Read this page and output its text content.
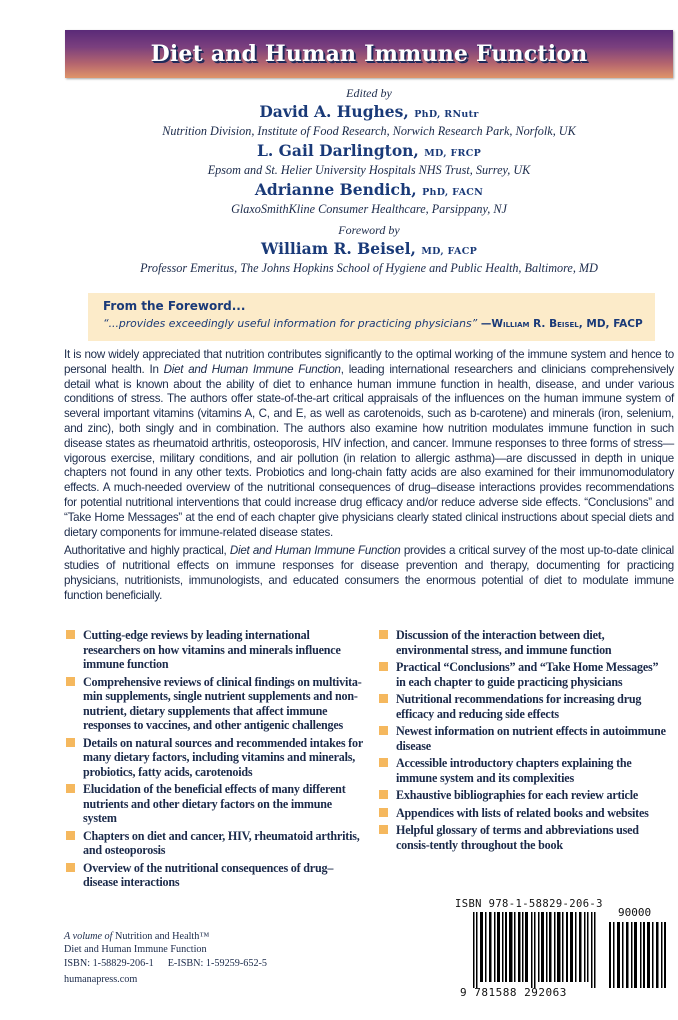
Diet and Human Immune Function
Edited by
David A. Hughes, PhD, RNutr
Nutrition Division, Institute of Food Research, Norwich Research Park, Norfolk, UK
L. Gail Darlington, MD, FRCP
Epsom and St. Helier University Hospitals NHS Trust, Surrey, UK
Adrianne Bendich, PhD, FACN
GlaxoSmithKline Consumer Healthcare, Parsippany, NJ
Foreword by
William R. Beisel, MD, FACP
Professor Emeritus, The Johns Hopkins School of Hygiene and Public Health, Baltimore, MD
From the Foreword...
“...provides exceedingly useful information for practicing physicians” —William R. Beisel, MD, FACP

It is now widely appreciated that nutrition contributes significantly to the optimal working of the immune system and hence to personal health. In Diet and Human Immune Function, leading international researchers and clinicians comprehensively detail what is known about the ability of diet to enhance human immune function in health, disease, and under various conditions of stress. The authors offer state-of-the-art critical appraisals of the influences on the human immune system of several important vitamins (vitamins A, C, and E, as well as carotenoids, such as b-carotene) and minerals (iron, selenium, and zinc), both singly and in combination. The authors also examine how nutrition modulates immune function in such disease states as rheumatoid arthritis, osteoporosis, HIV infection, and cancer. Immune responses to three forms of stress—vigorous exercise, military conditions, and air pollution (in relation to allergic asthma)—are discussed in depth in unique chapters not found in any other texts. Probiotics and long-chain fatty acids are also examined for their immunomodulatory effects. A much-needed overview of the nutritional consequences of drug–disease interactions provides recommendations for potential nutritional interventions that could increase drug efficacy and/or reduce adverse side effects. “Conclusions” and “Take Home Messages” at the end of each chapter give physicians clearly stated clinical instructions about special diets and dietary components for immune-related disease states.

Authoritative and highly practical, Diet and Human Immune Function provides a critical survey of the most up-to-date clinical studies of nutritional effects on immune responses for disease prevention and therapy, documenting for practicing physicians, nutritionists, immunologists, and educated consumers the enormous potential of diet to modulate immune function beneficially.

Cutting-edge reviews by leading international researchers on how vitamins and minerals influence immune function
Comprehensive reviews of clinical findings on multivita-min supplements, single nutrient supplements and non-nutrient, dietary supplements that affect immune responses to vaccines, and other antigenic challenges
Details on natural sources and recommended intakes for many dietary factors, including vitamins and minerals, probiotics, fatty acids, carotenoids
Elucidation of the beneficial effects of many different nutrients and other dietary factors on the immune system
Chapters on diet and cancer, HIV, rheumatoid arthritis, and osteoporosis
Overview of the nutritional consequences of drug–disease interactions
Discussion of the interaction between diet, environmental stress, and immune function
Practical “Conclusions” and “Take Home Messages” in each chapter to guide practicing physicians
Nutritional recommendations for increasing drug efficacy and reducing side effects
Newest information on nutrient effects in autoimmune disease
Accessible introductory chapters explaining the immune system and its complexities
Exhaustive bibliographies for each review article
Appendices with lists of related books and websites
Helpful glossary of terms and abbreviations used consis-tently throughout the book
A volume of Nutrition and Health™
Diet and Human Immune Function
ISBN: 1-58829-206-1 E-ISBN: 1-59259-652-5
humanapress.com
ISBN 978-1-58829-206-3
90000
9 781588 292063
